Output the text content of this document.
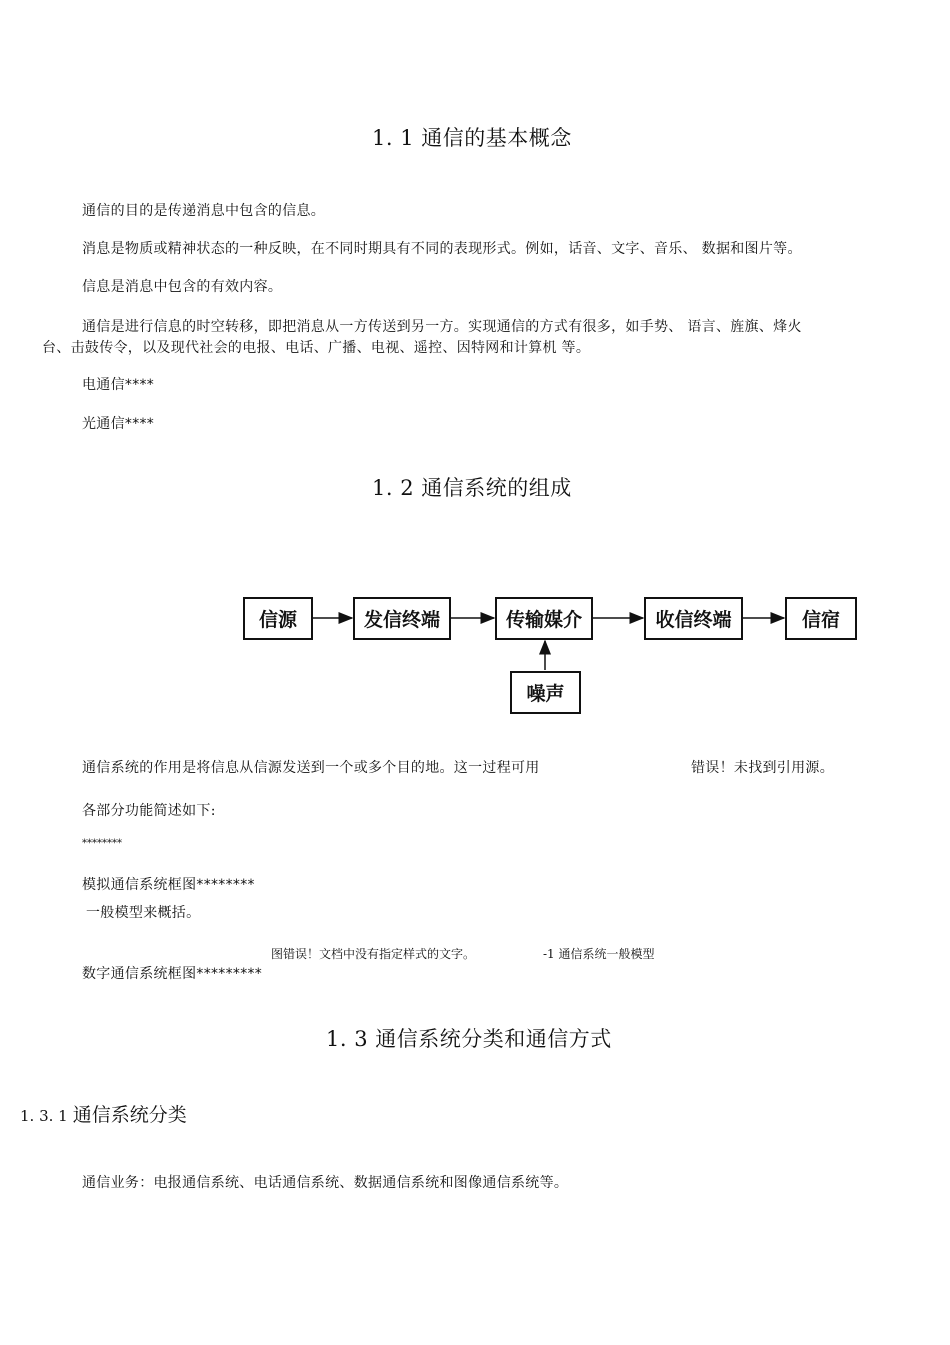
1. 1 通信的基本概念
通信的目的是传递消息中包含的信息。
消息是物质或精神状态的一种反映，在不同时期具有不同的表现形式。例如，话音、文字、音乐、 数据和图片等。
信息是消息中包含的有效内容。
通信是进行信息的时空转移，即把消息从一方传送到另一方。实现通信的方式有很多，如手势、 语言、旌旗、烽火
台、击鼓传令，以及现代社会的电报、电话、广播、电视、遥控、因特网和计算机 等。
电通信****
光通信****
1. 2 通信系统的组成
信源	发信终端	传输媒介	收信终端	信宿
噪声
通信系统的作用是将信息从信源发送到一个或多个目的地。这一过程可用	错误！未找到引用源。
各部分功能简述如下:
********
模拟通信系统框图********
一般模型来概括。
图错误！文档中没有指定样式的文字。	-1 通信系统一般模型
数字通信系统框图*********
1. 3 通信系统分类和通信方式
1. 3. 1 通信系统分类
通信业务：电报通信系统、电话通信系统、数据通信系统和图像通信系统等。
